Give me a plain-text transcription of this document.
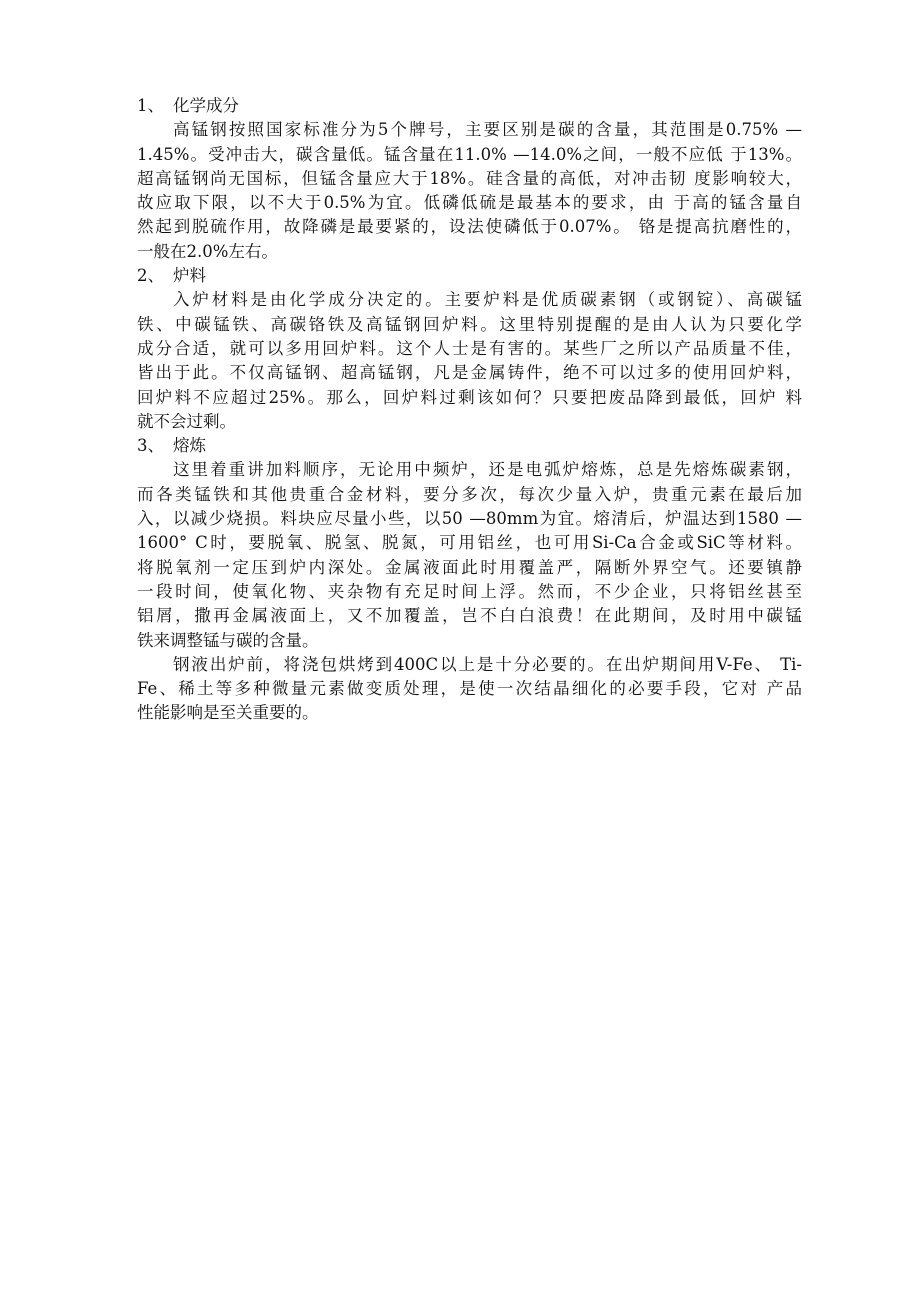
1、 化学成分
高锰钢按照国家标准分为5个牌号，主要区别是碳的含量，其范围是0.75% —
1.45%。受冲击大，碳含量低。锰含量在11.0% —14.0%之间，一般不应低 于13%。
超高锰钢尚无国标，但锰含量应大于18%。硅含量的高低，对冲击韧 度影响较大，
故应取下限，以不大于0.5%为宜。低磷低硫是最基本的要求，由 于高的锰含量自
然起到脱硫作用，故降磷是最要紧的，设法使磷低于0.07%。 铬是提高抗磨性的，
一般在2.0%左右。
2、 炉料
入炉材料是由化学成分决定的。主要炉料是优质碳素钢（或钢锭）、高碳锰
铁、中碳锰铁、高碳铬铁及高锰钢回炉料。这里特别提醒的是由人认为只要化学
成分合适，就可以多用回炉料。这个人士是有害的。某些厂之所以产品质量不佳，
皆出于此。不仅高锰钢、超高锰钢，凡是金属铸件，绝不可以过多的使用回炉料，
回炉料不应超过25%。那么，回炉料过剩该如何？只要把废品降到最低，回炉 料
就不会过剩。
3、 熔炼
这里着重讲加料顺序，无论用中频炉，还是电弧炉熔炼，总是先熔炼碳素钢，
而各类锰铁和其他贵重合金材料，要分多次，每次少量入炉，贵重元素在最后加
入，以减少烧损。料块应尽量小些，以50 —80mm为宜。熔清后，炉温达到1580 —
1600° C时，要脱氧、脱氢、脱氮，可用铝丝，也可用Si-Ca合金或SiC等材料。
将脱氧剂一定压到炉内深处。金属液面此时用覆盖严，隔断外界空气。还要镇静
一段时间，使氧化物、夹杂物有充足时间上浮。然而，不少企业，只将铝丝甚至
铝屑，撒再金属液面上，又不加覆盖，岂不白白浪费！在此期间，及时用中碳锰
铁来调整锰与碳的含量。
钢液出炉前，将浇包烘烤到400C以上是十分必要的。在出炉期间用V-Fe、 Ti-
Fe、稀土等多种微量元素做变质处理，是使一次结晶细化的必要手段，它对 产品
性能影响是至关重要的。
